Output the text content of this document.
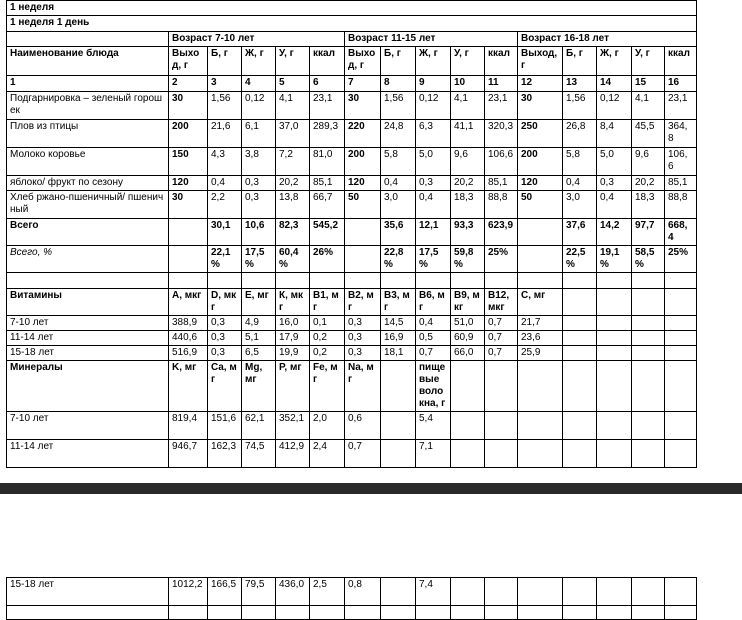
1 неделя															
1 неделя 1 день															
	Возраст 7-10 лет					Возраст 11-15 лет					Возраст 16-18 лет				
Наименование блюда	Выход, г	Б, г	Ж, г	У, г	ккал	Выход, г	Б, г	Ж, г	У, г	ккал	Выход, г	Б, г	Ж, г	У, г	ккал
1	2	3	4	5	6	7	8	9	10	11	12	13	14	15	16
Подгарнировка – зеленый горошек	30	1,56	0,12	4,1	23,1	30	1,56	0,12	4,1	23,1	30	1,56	0,12	4,1	23,1
Плов из птицы	200	21,6	6,1	37,0	289,3	220	24,8	6,3	41,1	320,3	250	26,8	8,4	45,5	364,8
Молоко коровье	150	4,3	3,8	7,2	81,0	200	5,8	5,0	9,6	106,6	200	5,8	5,0	9,6	106,6
яблоко/ фрукт по сезону	120	0,4	0,3	20,2	85,1	120	0,4	0,3	20,2	85,1	120	0,4	0,3	20,2	85,1
Хлеб ржано-пшеничный/ пшеничный	30	2,2	0,3	13,8	66,7	50	3,0	0,4	18,3	88,8	50	3,0	0,4	18,3	88,8
Всего		30,1	10,6	82,3	545,2		35,6	12,1	93,3	623,9		37,6	14,2	97,7	668,4
Всего, %		22,1 %	17,5 %	60,4 %	26%		22,8 %	17,5 %	59,8 %	25%		22,5 %	19,1 %	58,5 %	25%

Витамины	А, мкг	D, мкг	Е, мг	К, мкг	В1, мг	В2, мг	В3, мг	В6, мг	В9, мкг	В12, мкг	С, мг				
7-10 лет	388,9	0,3	4,9	16,0	0,1	0,3	14,5	0,4	51,0	0,7	21,7				
11-14 лет	440,6	0,3	5,1	17,9	0,2	0,3	16,9	0,5	60,9	0,7	23,6				
15-18 лет	516,9	0,3	6,5	19,9	0,2	0,3	18,1	0,7	66,0	0,7	25,9				
Минералы	K, мг	Ca, мг	Mg, мг	P, мг	Fe, мг	Na, мг		пищевые волокна, г							
7-10 лет	819,4	151,6	62,1	352,1	2,0	0,6		5,4							
11-14 лет	946,7	162,3	74,5	412,9	2,4	0,7		7,1							
15-18 лет	1012,2	166,5	79,5	436,0	2,5	0,8		7,4							
